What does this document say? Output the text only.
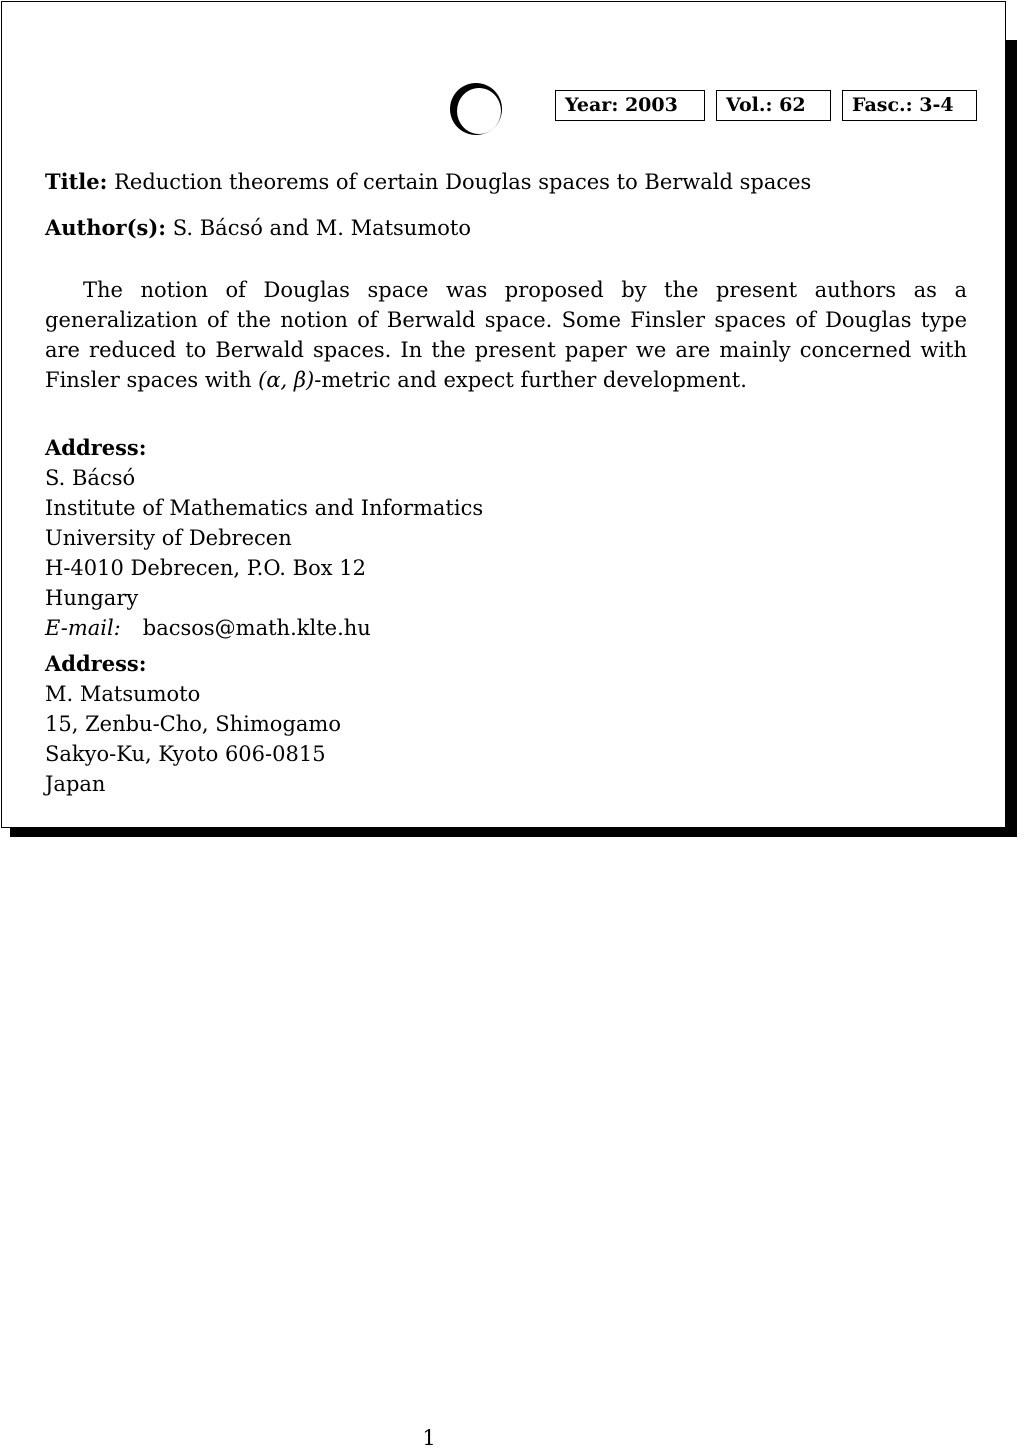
Year: 2003	Vol.: 62	Fasc.: 3-4
Title: Reduction theorems of certain Douglas spaces to Berwald spaces
Author(s): S. Bácsó and M. Matsumoto
The notion of Douglas space was proposed by the present authors as a generalization of the notion of Berwald space. Some Finsler spaces of Douglas type are reduced to Berwald spaces. In the present paper we are mainly concerned with Finsler spaces with (α, β)-metric and expect further development.
Address:
S. Bácsó
Institute of Mathematics and Informatics
University of Debrecen
H-4010 Debrecen, P.O. Box 12
Hungary
E-mail: bacsos@math.klte.hu
Address:
M. Matsumoto
15, Zenbu-Cho, Shimogamo
Sakyo-Ku, Kyoto 606-0815
Japan
1
